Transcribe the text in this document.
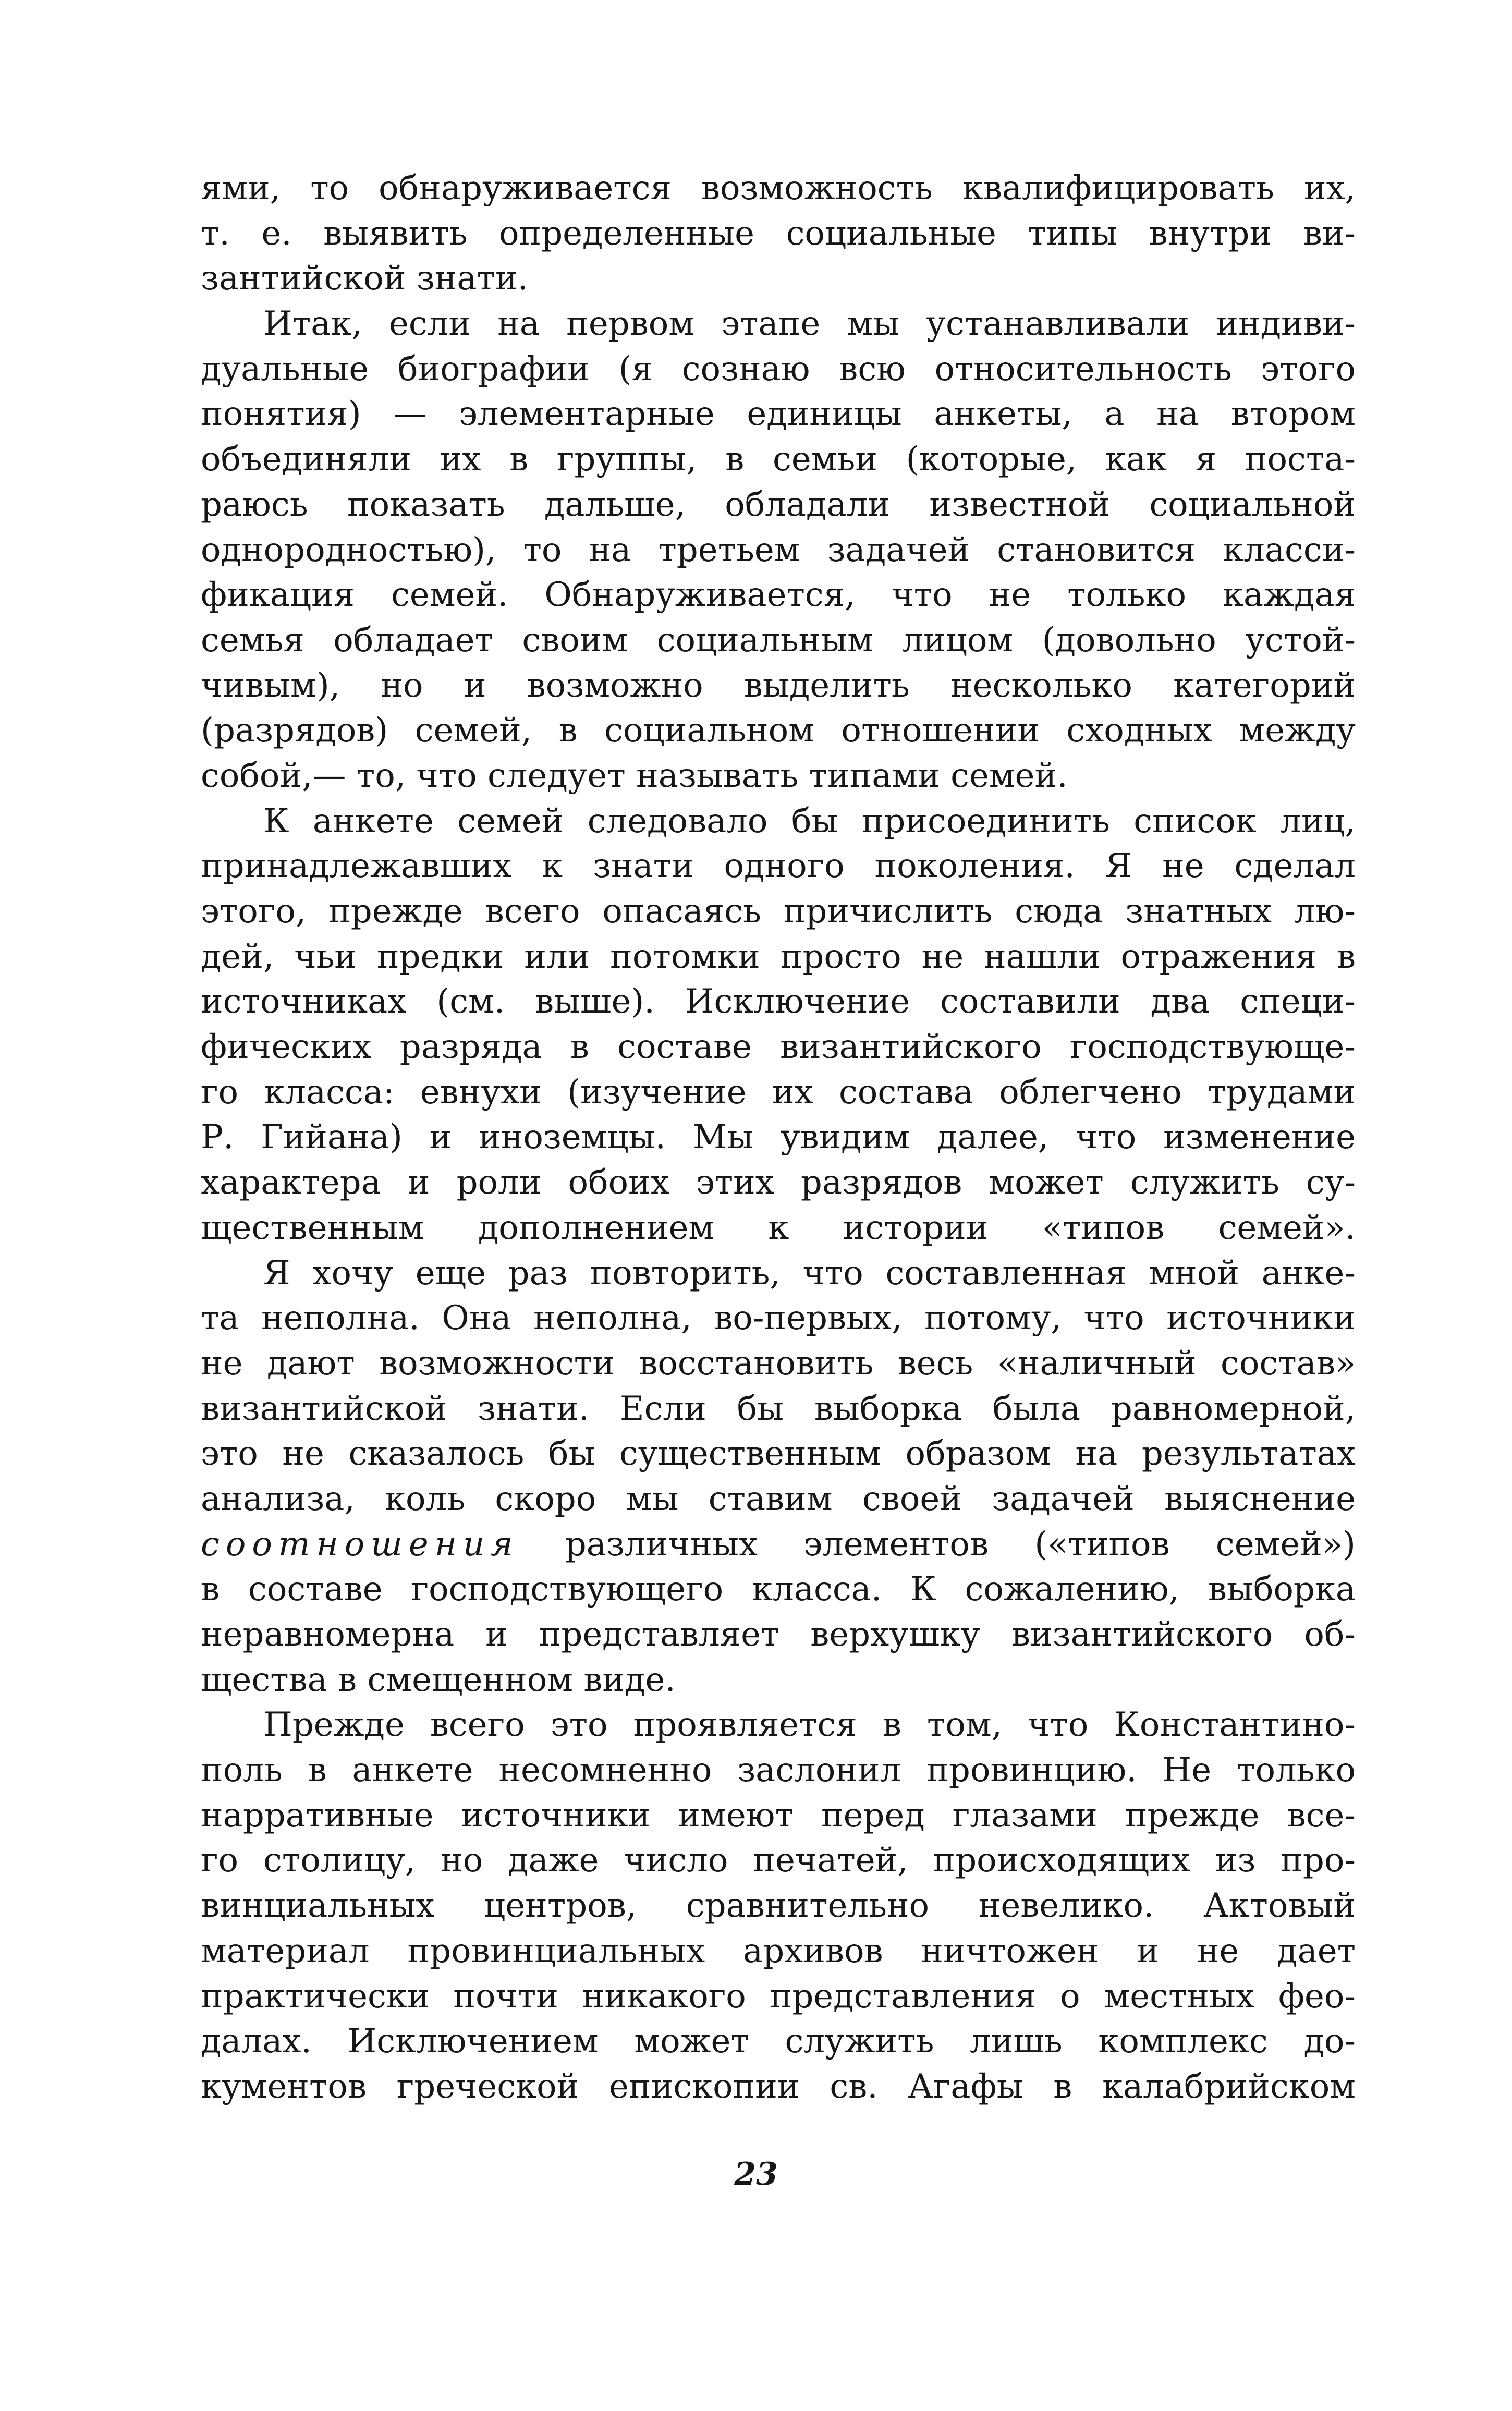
ями, то обнаруживается возможность квалифицировать их,
т. е. выявить определенные социальные типы внутри ви-
зантийской знати.
Итак, если на первом этапе мы устанавливали индиви-
дуальные биографии (я сознаю всю относительность этого
понятия) — элементарные единицы анкеты, а на втором
объединяли их в группы, в семьи (которые, как я поста-
раюсь показать дальше, обладали известной социальной
однородностью), то на третьем задачей становится класси-
фикация семей. Обнаруживается, что не только каждая
семья обладает своим социальным лицом (довольно устой-
чивым), но и возможно выделить несколько категорий
(разрядов) семей, в социальном отношении сходных между
собой,— то, что следует называть типами семей.
К анкете семей следовало бы присоединить список лиц,
принадлежавших к знати одного поколения. Я не сделал
этого, прежде всего опасаясь причислить сюда знатных лю-
дей, чьи предки или потомки просто не нашли отражения в
источниках (см. выше). Исключение составили два специ-
фических разряда в составе византийского господствующе-
го класса: евнухи (изучение их состава облегчено трудами
Р. Гийана) и иноземцы. Мы увидим далее, что изменение
характера и роли обоих этих разрядов может служить су-
щественным дополнением к истории «типов семей».
Я хочу еще раз повторить, что составленная мной анке-
та неполна. Она неполна, во-первых, потому, что источники
не дают возможности восстановить весь «наличный состав»
византийской знати. Если бы выборка была равномерной,
это не сказалось бы существенным образом на результатах
анализа, коль скоро мы ставим своей задачей выяснение
соотношения различных элементов («типов семей»)
в составе господствующего класса. К сожалению, выборка
неравномерна и представляет верхушку византийского об-
щества в смещенном виде.
Прежде всего это проявляется в том, что Константино-
поль в анкете несомненно заслонил провинцию. Не только
нарративные источники имеют перед глазами прежде все-
го столицу, но даже число печатей, происходящих из про-
винциальных центров, сравнительно невелико. Актовый
материал провинциальных архивов ничтожен и не дает
практически почти никакого представления о местных фео-
далах. Исключением может служить лишь комплекс до-
кументов греческой епископии св. Агафы в калабрийском
23
